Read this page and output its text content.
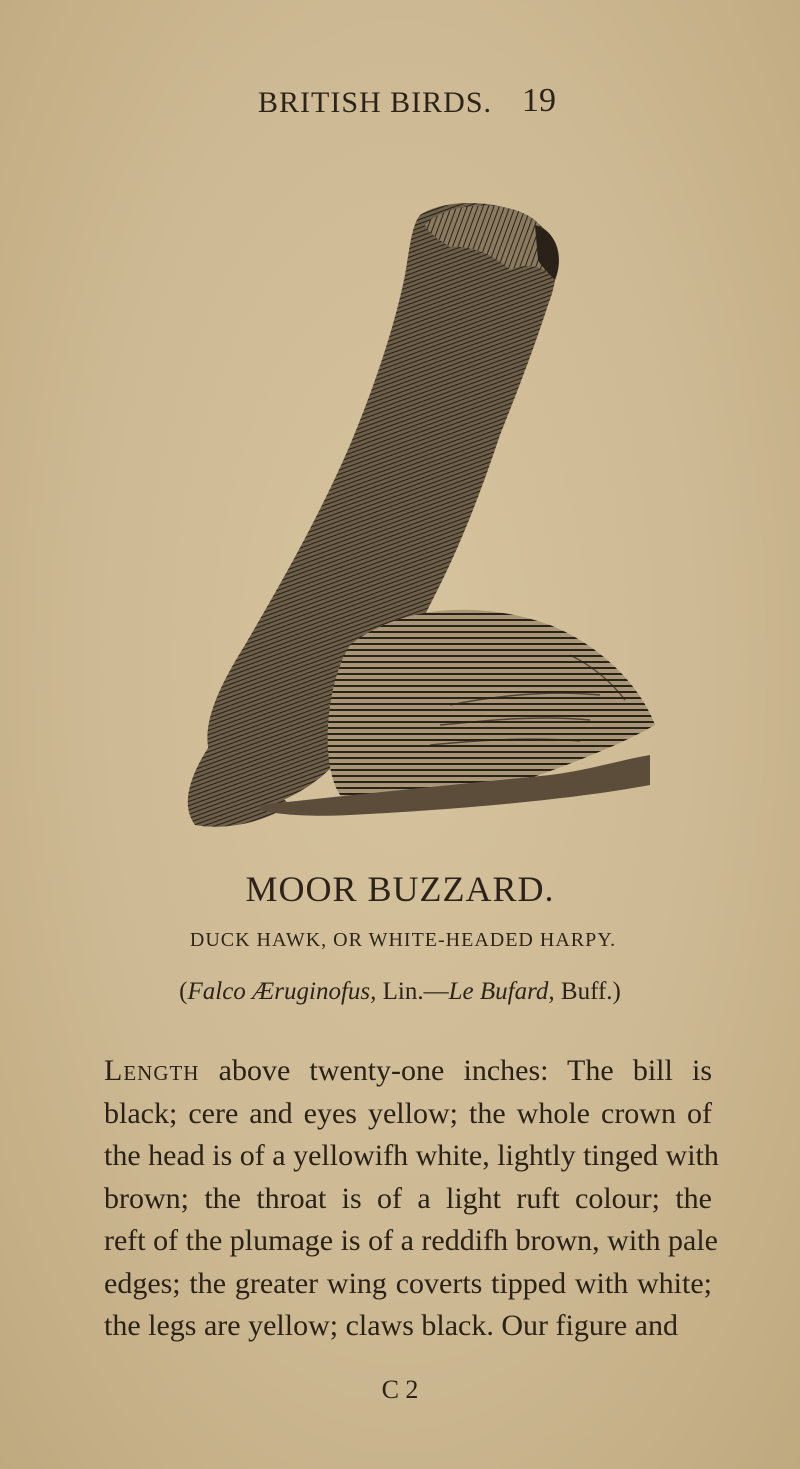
BRITISH BIRDS. 19
MOOR BUZZARD.
DUCK HAWK, OR WHITE-HEADED HARPY.
(Falco Æruginofus, Lin.—Le Bufard, Buff.)
Length above twenty-one inches: The bill is
black; cere and eyes yellow; the whole crown of
the head is of a yellowifh white, lightly tinged with
brown; the throat is of a light ruft colour; the
reft of the plumage is of a reddifh brown, with pale
edges; the greater wing coverts tipped with white;
the legs are yellow; claws black. Our figure and
C 2
